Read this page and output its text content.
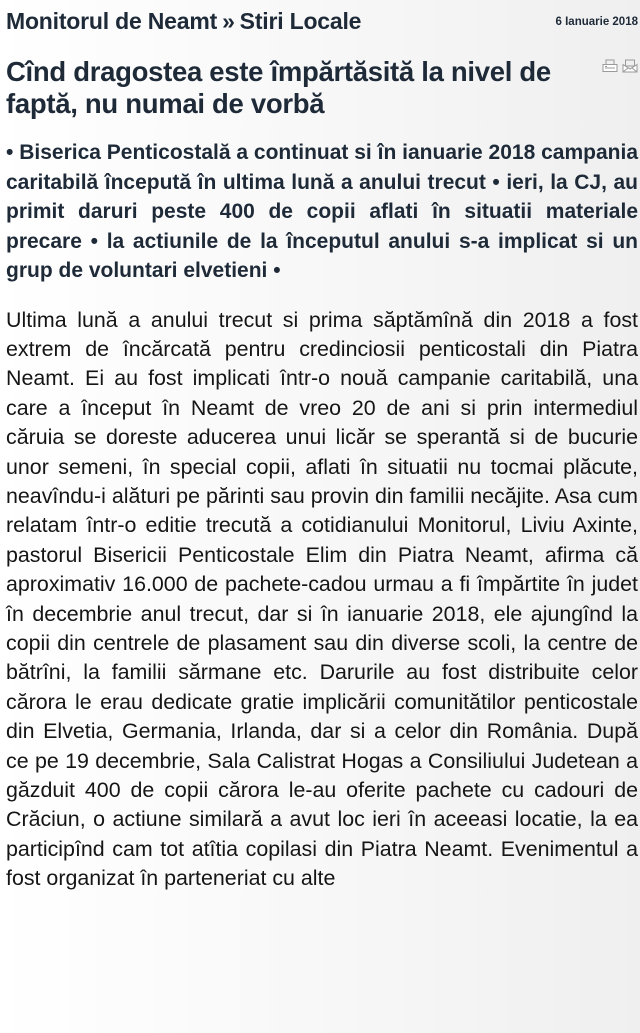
Monitorul de Neamt » Stiri Locale	6 Ianuarie 2018
Cînd dragostea este împărtăsită la nivel de faptă, nu numai de vorbă

• Biserica Penticostală a continuat si în ianuarie 2018 campania caritabilă începută în ultima lună a anului trecut • ieri, la CJ, au primit daruri peste 400 de copii aflati în situatii materiale precare • la actiunile de la începutul anului s-a implicat si un grup de voluntari elvetieni •

Ultima lună a anului trecut si prima săptămînă din 2018 a fost extrem de încărcată pentru credinciosii penticostali din Piatra Neamt. Ei au fost implicati într-o nouă campanie caritabilă, una care a început în Neamt de vreo 20 de ani si prin intermediul căruia se doreste aducerea unui licăr se sperantă si de bucurie unor semeni, în special copii, aflati în situatii nu tocmai plăcute, neavîndu-i alături pe părinti sau provin din familii necăjite. Asa cum relatam într-o editie trecută a cotidianului Monitorul, Liviu Axinte, pastorul Bisericii Penticostale Elim din Piatra Neamt, afirma că aproximativ 16.000 de pachete-cadou urmau a fi împărtite în judet în decembrie anul trecut, dar si în ianuarie 2018, ele ajungînd la copii din centrele de plasament sau din diverse scoli, la centre de bătrîni, la familii sărmane etc. Darurile au fost distribuite celor cărora le erau dedicate gratie implicării comunitătilor penticostale din Elvetia, Germania, Irlanda, dar si a celor din România. După ce pe 19 decembrie, Sala Calistrat Hogas a Consiliului Judetean a găzduit 400 de copii cărora le-au oferite pachete cu cadouri de Crăciun, o actiune similară a avut loc ieri în aceeasi locatie, la ea participînd cam tot atîtia copilasi din Piatra Neamt. Evenimentul a fost organizat în parteneriat cu alte
